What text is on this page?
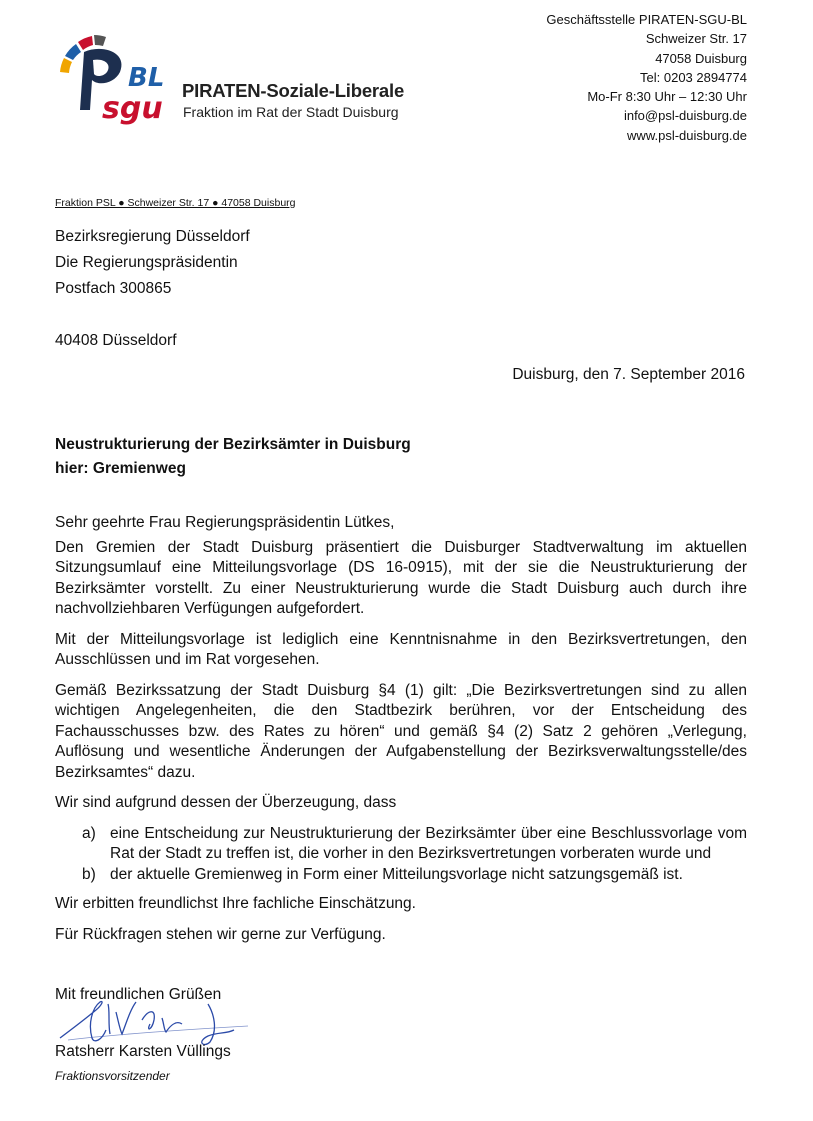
BL
sgu
PIRATEN-Soziale-Liberale
Fraktion im Rat der Stadt Duisburg
Geschäftsstelle PIRATEN-SGU-BL
Schweizer Str. 17
47058 Duisburg
Tel: 0203 2894774
Mo-Fr 8:30 Uhr – 12:30 Uhr
info@psl-duisburg.de
www.psl-duisburg.de
Fraktion PSL ● Schweizer Str. 17 ● 47058 Duisburg
Bezirksregierung Düsseldorf
Die Regierungspräsidentin
Postfach 300865
40408 Düsseldorf
Duisburg, den 7. September 2016
Neustrukturierung der Bezirksämter in Duisburg
hier: Gremienweg

Sehr geehrte Frau Regierungspräsidentin Lütkes,

Den Gremien der Stadt Duisburg präsentiert die Duisburger Stadtverwaltung im aktuellen Sitzungsumlauf eine Mitteilungsvorlage (DS 16-0915), mit der sie die Neustrukturierung der Bezirksämter vorstellt. Zu einer Neustrukturierung wurde die Stadt Duisburg auch durch ihre nachvollziehbaren Verfügungen aufgefordert.

Mit der Mitteilungsvorlage ist lediglich eine Kenntnisnahme in den Bezirksvertretungen, den Ausschlüssen und im Rat vorgesehen.

Gemäß Bezirkssatzung der Stadt Duisburg §4 (1) gilt: „Die Bezirksvertretungen sind zu allen wichtigen Angelegenheiten, die den Stadtbezirk berühren, vor der Entscheidung des Fachausschusses bzw. des Rates zu hören“ und gemäß §4 (2) Satz 2 gehören „Verlegung, Auflösung und wesentliche Änderungen der Aufgabenstellung der Bezirksverwaltungsstelle/des Bezirksamtes“ dazu.

Wir sind aufgrund dessen der Überzeugung, dass

a) eine Entscheidung zur Neustrukturierung der Bezirksämter über eine Beschlussvorlage vom Rat der Stadt zu treffen ist, die vorher in den Bezirksvertretungen vorberaten wurde und
b) der aktuelle Gremienweg in Form einer Mitteilungsvorlage nicht satzungsgemäß ist.

Wir erbitten freundlichst Ihre fachliche Einschätzung.

Für Rückfragen stehen wir gerne zur Verfügung.

Mit freundlichen Grüßen
Ratsherr Karsten Vüllings
Fraktionsvorsitzender
